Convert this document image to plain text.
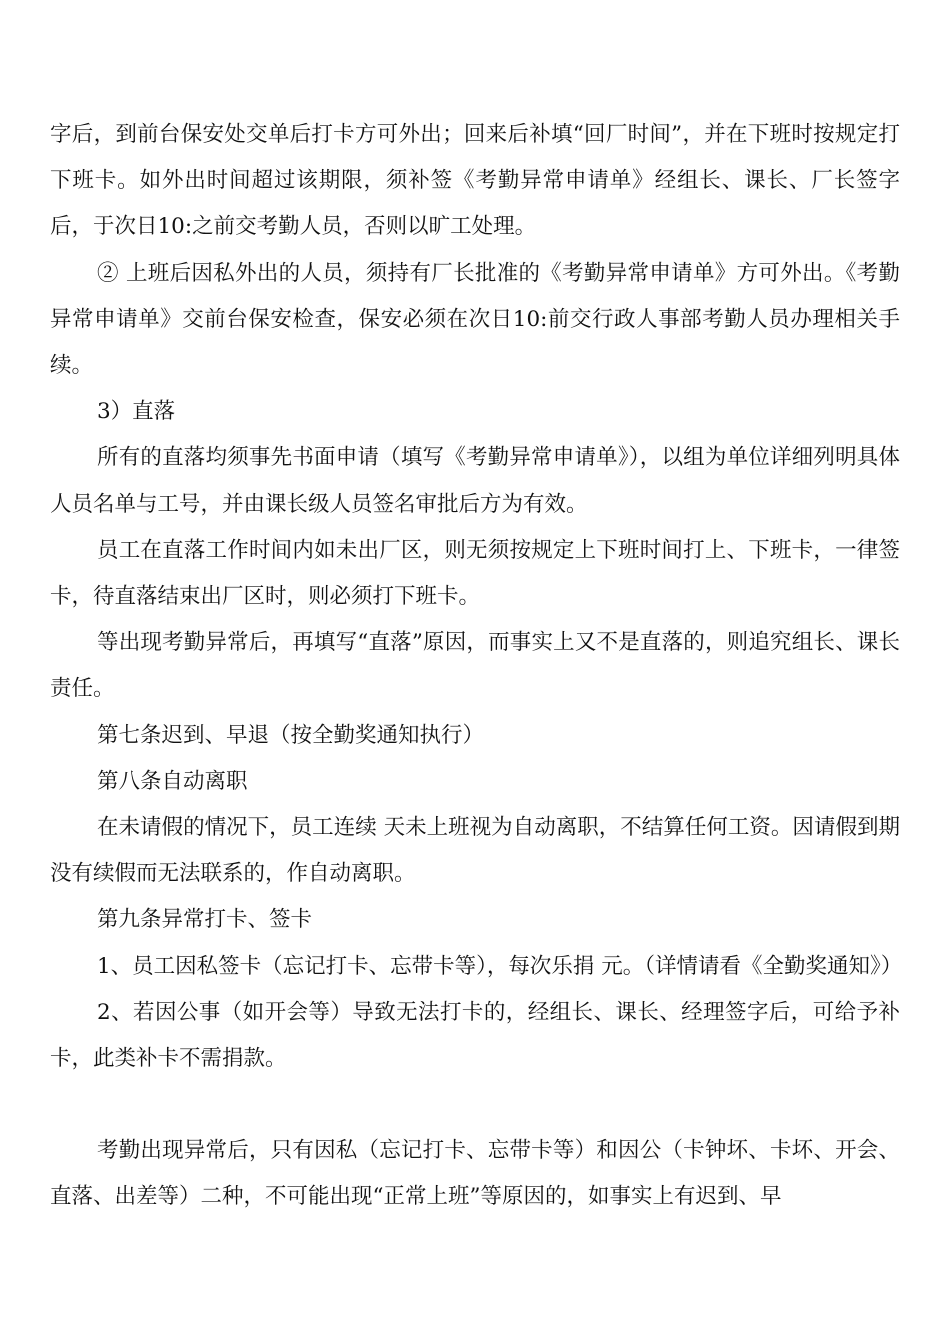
字后，到前台保安处交单后打卡方可外出；回来后补填“回厂时间”，并在下班时按规定打下班卡。如外出时间超过该期限，须补签《考勤异常申请单》经组长、课长、厂长签字后，于次日10:之前交考勤人员，否则以旷工处理。

② 上班后因私外出的人员，须持有厂长批准的《考勤异常申请单》方可外出。《考勤异常申请单》交前台保安检查，保安必须在次日10:前交行政人事部考勤人员办理相关手续。

3）直落

所有的直落均须事先书面申请（填写《考勤异常申请单》），以组为单位详细列明具体人员名单与工号，并由课长级人员签名审批后方为有效。

员工在直落工作时间内如未出厂区，则无须按规定上下班时间打上、下班卡，一律签卡，待直落结束出厂区时，则必须打下班卡。

等出现考勤异常后，再填写“直落”原因，而事实上又不是直落的，则追究组长、课长责任。

第七条迟到、早退（按全勤奖通知执行）

第八条自动离职

在未请假的情况下，员工连续 天未上班视为自动离职，不结算任何工资。因请假到期没有续假而无法联系的，作自动离职。

第九条异常打卡、签卡

1、员工因私签卡（忘记打卡、忘带卡等），每次乐捐 元。（详情请看《全勤奖通知》）

2、若因公事（如开会等）导致无法打卡的，经组长、课长、经理签字后，可给予补卡，此类补卡不需捐款。

考勤出现异常后，只有因私（忘记打卡、忘带卡等）和因公（卡钟坏、卡坏、开会、直落、出差等）二种，不可能出现“正常上班”等原因的，如事实上有迟到、早
